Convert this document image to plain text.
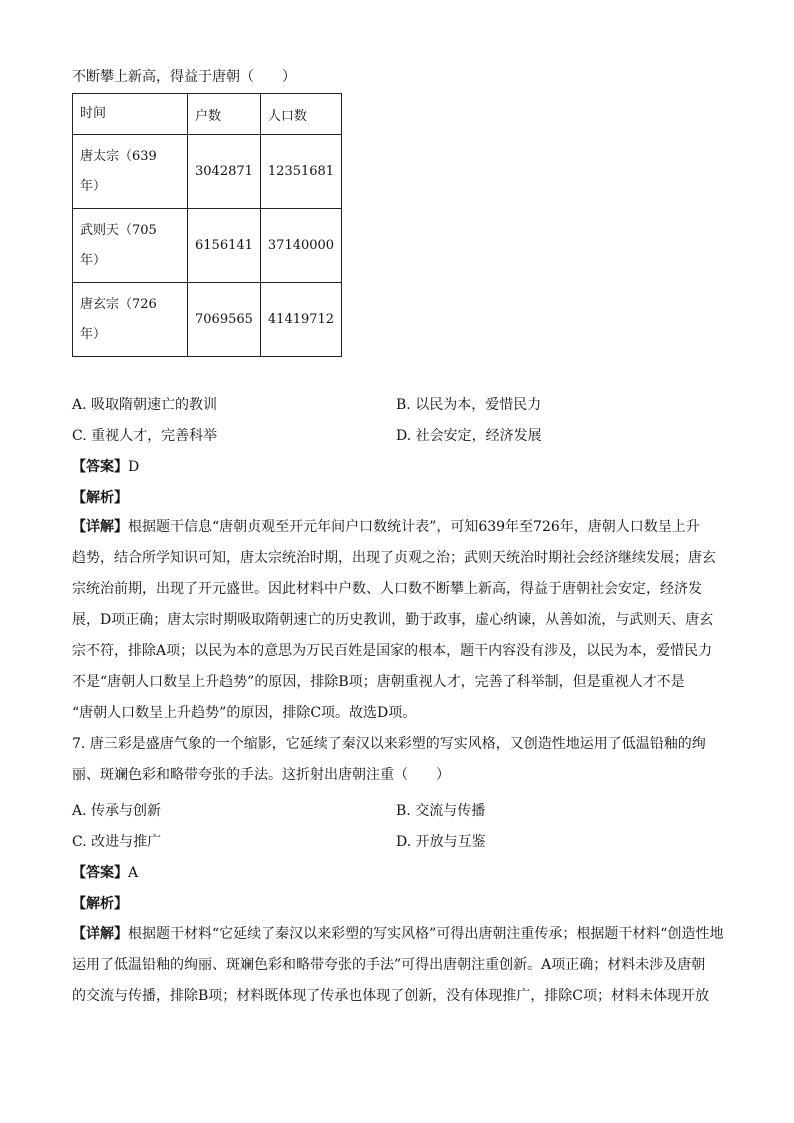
不断攀上新高，得益于唐朝（　　）
时间	户数	人口数

唐太宗（639年）	3042871	12351681

武则天（705年）	6156141	37140000

唐玄宗（726年）	7069565	41419712
A. 吸取隋朝速亡的教训	B. 以民为本，爱惜民力
C. 重视人才，完善科举	D. 社会安定，经济发展
【答案】D
【解析】
【详解】根据题干信息“唐朝贞观至开元年间户口数统计表”，可知639年至726年，唐朝人口数呈上升
趋势，结合所学知识可知，唐太宗统治时期，出现了贞观之治；武则天统治时期社会经济继续发展；唐玄
宗统治前期，出现了开元盛世。因此材料中户数、人口数不断攀上新高，得益于唐朝社会安定，经济发
展，D项正确；唐太宗时期吸取隋朝速亡的历史教训，勤于政事，虚心纳谏，从善如流，与武则天、唐玄
宗不符，排除A项；以民为本的意思为万民百姓是国家的根本，题干内容没有涉及，以民为本，爱惜民力
不是“唐朝人口数呈上升趋势”的原因，排除B项；唐朝重视人才，完善了科举制，但是重视人才不是
“唐朝人口数呈上升趋势”的原因，排除C项。故选D项。
7. 唐三彩是盛唐气象的一个缩影，它延续了秦汉以来彩塑的写实风格，又创造性地运用了低温铅釉的绚
丽、斑斓色彩和略带夸张的手法。这折射出唐朝注重（　　）
A. 传承与创新	B. 交流与传播
C. 改进与推广	D. 开放与互鉴
【答案】A
【解析】
【详解】根据题干材料“它延续了秦汉以来彩塑的写实风格”可得出唐朝注重传承；根据题干材料“创造性地
运用了低温铅釉的绚丽、斑斓色彩和略带夸张的手法”可得出唐朝注重创新。A项正确；材料未涉及唐朝
的交流与传播，排除B项；材料既体现了传承也体现了创新，没有体现推广，排除C项；材料未体现开放
